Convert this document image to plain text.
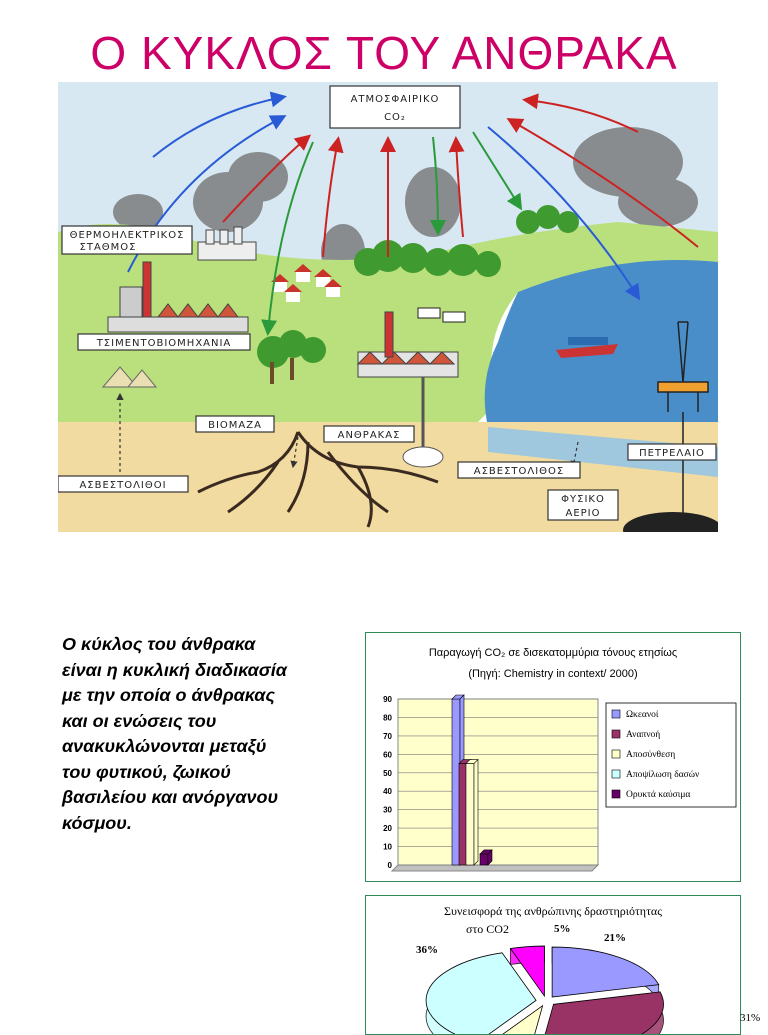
Ο ΚΥΚΛΟΣ ΤΟΥ ΑΝΘΡΑΚΑ
ΑΤΜΟΣΦΑΙΡΙΚΟ
CO₂
ΘΕΡΜΟΗΛΕΚΤΡΙΚΟΣ
ΣΤΑΘΜΟΣ
ΤΣΙΜΕΝΤΟΒΙΟΜΗΧΑΝΙΑ
ΒΙΟΜΑΖΑ
ΑΝΘΡΑΚΑΣ
ΑΣΒΕΣΤΟΛΙΘΟΙ
ΑΣΒΕΣΤΟΛΙΘΟΣ
ΠΕΤΡΕΛΑΙΟ
ΦΥΣΙΚΟ
ΑΕΡΙΟ
Ο κύκλος του άνθρακα
είναι η κυκλική διαδικασία
με την οποία ο άνθρακας
και οι ενώσεις του
ανακυκλώνονται μεταξύ
του φυτικού, ζωικού
βασιλείου και ανόργανου
κόσμου.
Παραγωγή CO₂ σε δισεκατομμύρια τόνους ετησίως
(Πηγή: Chemistry in context/ 2000)
0
10
20
30
40
50
60
70
80
90
Ωκεανοί
Αναπνοή
Αποσύνθεση
Αποψίλωση δασών
Ορυκτά καύσιμα
Συνεισφορά της ανθρώπινης δραστηριότητας
στο CO2	5%
21%
36%
31%
